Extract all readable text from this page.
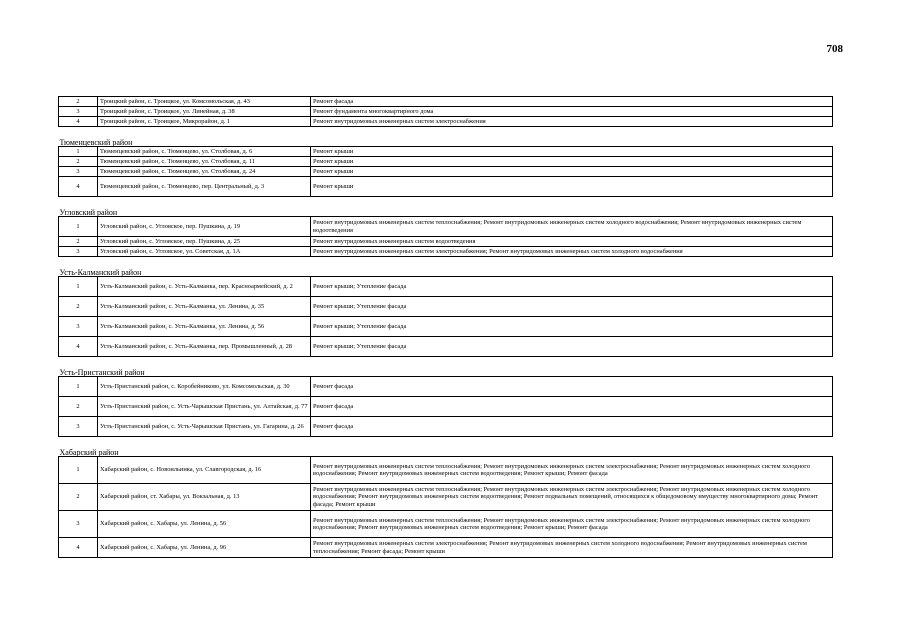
708
2	Троицкий район, с. Троицкое, ул. Комсомольская, д. 43	Ремонт фасада
3	Троицкий район, с. Троицкое, ул. Линейная, д. 38	Ремонт фундамента многоквартирного дома
4	Троицкий район, с. Троицкое, Микрорайон, д. 1	Ремонт внутридомовых инженерных систем электроснабжения
Тюменцевский район		
1	Тюменцевский район, с. Тюменцево, ул. Столбовая, д. 6	Ремонт крыши
2	Тюменцевский район, с. Тюменцево, ул. Столбовая, д. 11	Ремонт крыши
3	Тюменцевский район, с. Тюменцево, ул. Столбовая, д. 24	Ремонт крыши
4	Тюменцевский район, с. Тюменцево, пер. Центральный, д. 3	Ремонт крыши
Угловский район		
1	Угловский район, с. Угловское, пер. Пушкина, д. 19	Ремонт внутридомовых инженерных систем теплоснабжения; Ремонт внутридомовых инженерных систем холодного водоснабжения; Ремонт внутридомовых инженерных систем водоотведения
2	Угловский район, с. Угловское, пер. Пушкина, д. 25	Ремонт внутридомовых инженерных систем водоотведения
3	Угловский район, с. Угловское, ул. Советская, д. 1А	Ремонт внутридомовых инженерных систем электроснабжения; Ремонт внутридомовых инженерных систем холодного водоснабжения
Усть-Калманский район		
1	Усть-Калманский район, с. Усть-Калманка, пер. Красноармейский, д. 2	Ремонт крыши; Утепление фасада
2	Усть-Калманский район, с. Усть-Калманка, ул. Ленина, д. 35	Ремонт крыши; Утепление фасада
3	Усть-Калманский район, с. Усть-Калманка, ул. Ленина, д. 56	Ремонт крыши; Утепление фасада
4	Усть-Калманский район, с. Усть-Калманка, пер. Промышленный, д. 28	Ремонт крыши; Утепление фасада
Усть-Пристанский район		
1	Усть-Пристанский район, с. Коробейниково, ул. Комсомольская, д. 30	Ремонт фасада
2	Усть-Пристанский район, с. Усть-Чарышская Пристань, ул. Алтайская, д. 77	Ремонт фасада
3	Усть-Пристанский район, с. Усть-Чарышская Пристань, ул. Гагарина, д. 26	Ремонт фасада
Хабарский район		
1	Хабарский район, с. Новоильинка, ул. Славгородская, д. 16	Ремонт внутридомовых инженерных систем теплоснабжения; Ремонт внутридомовых инженерных систем электроснабжения; Ремонт внутридомовых инженерных систем холодного водоснабжения; Ремонт внутридомовых инженерных систем водоотведения; Ремонт крыши; Ремонт фасада
2	Хабарский район, ст. Хабары, ул. Вокзальная, д. 13	Ремонт внутридомовых инженерных систем теплоснабжения; Ремонт внутридомовых инженерных систем электроснабжения; Ремонт внутридомовых инженерных систем холодного водоснабжения; Ремонт внутридомовых инженерных систем водоотведения; Ремонт подвальных помещений, относящихся к общедомовому имуществу многоквартирного дома; Ремонт фасада; Ремонт крыши
3	Хабарский район, с. Хабары, ул. Ленина, д. 56	Ремонт внутридомовых инженерных систем теплоснабжения; Ремонт внутридомовых инженерных систем электроснабжения; Ремонт внутридомовых инженерных систем холодного водоснабжения; Ремонт внутридомовых инженерных систем водоотведения; Ремонт крыши; Ремонт фасада
4	Хабарский район, с. Хабары, ул. Ленина, д. 96	Ремонт внутридомовых инженерных систем электроснабжения; Ремонт внутридомовых инженерных систем холодного водоснабжения; Ремонт внутридомовых инженерных систем теплоснабжения; Ремонт фасада; Ремонт крыши
